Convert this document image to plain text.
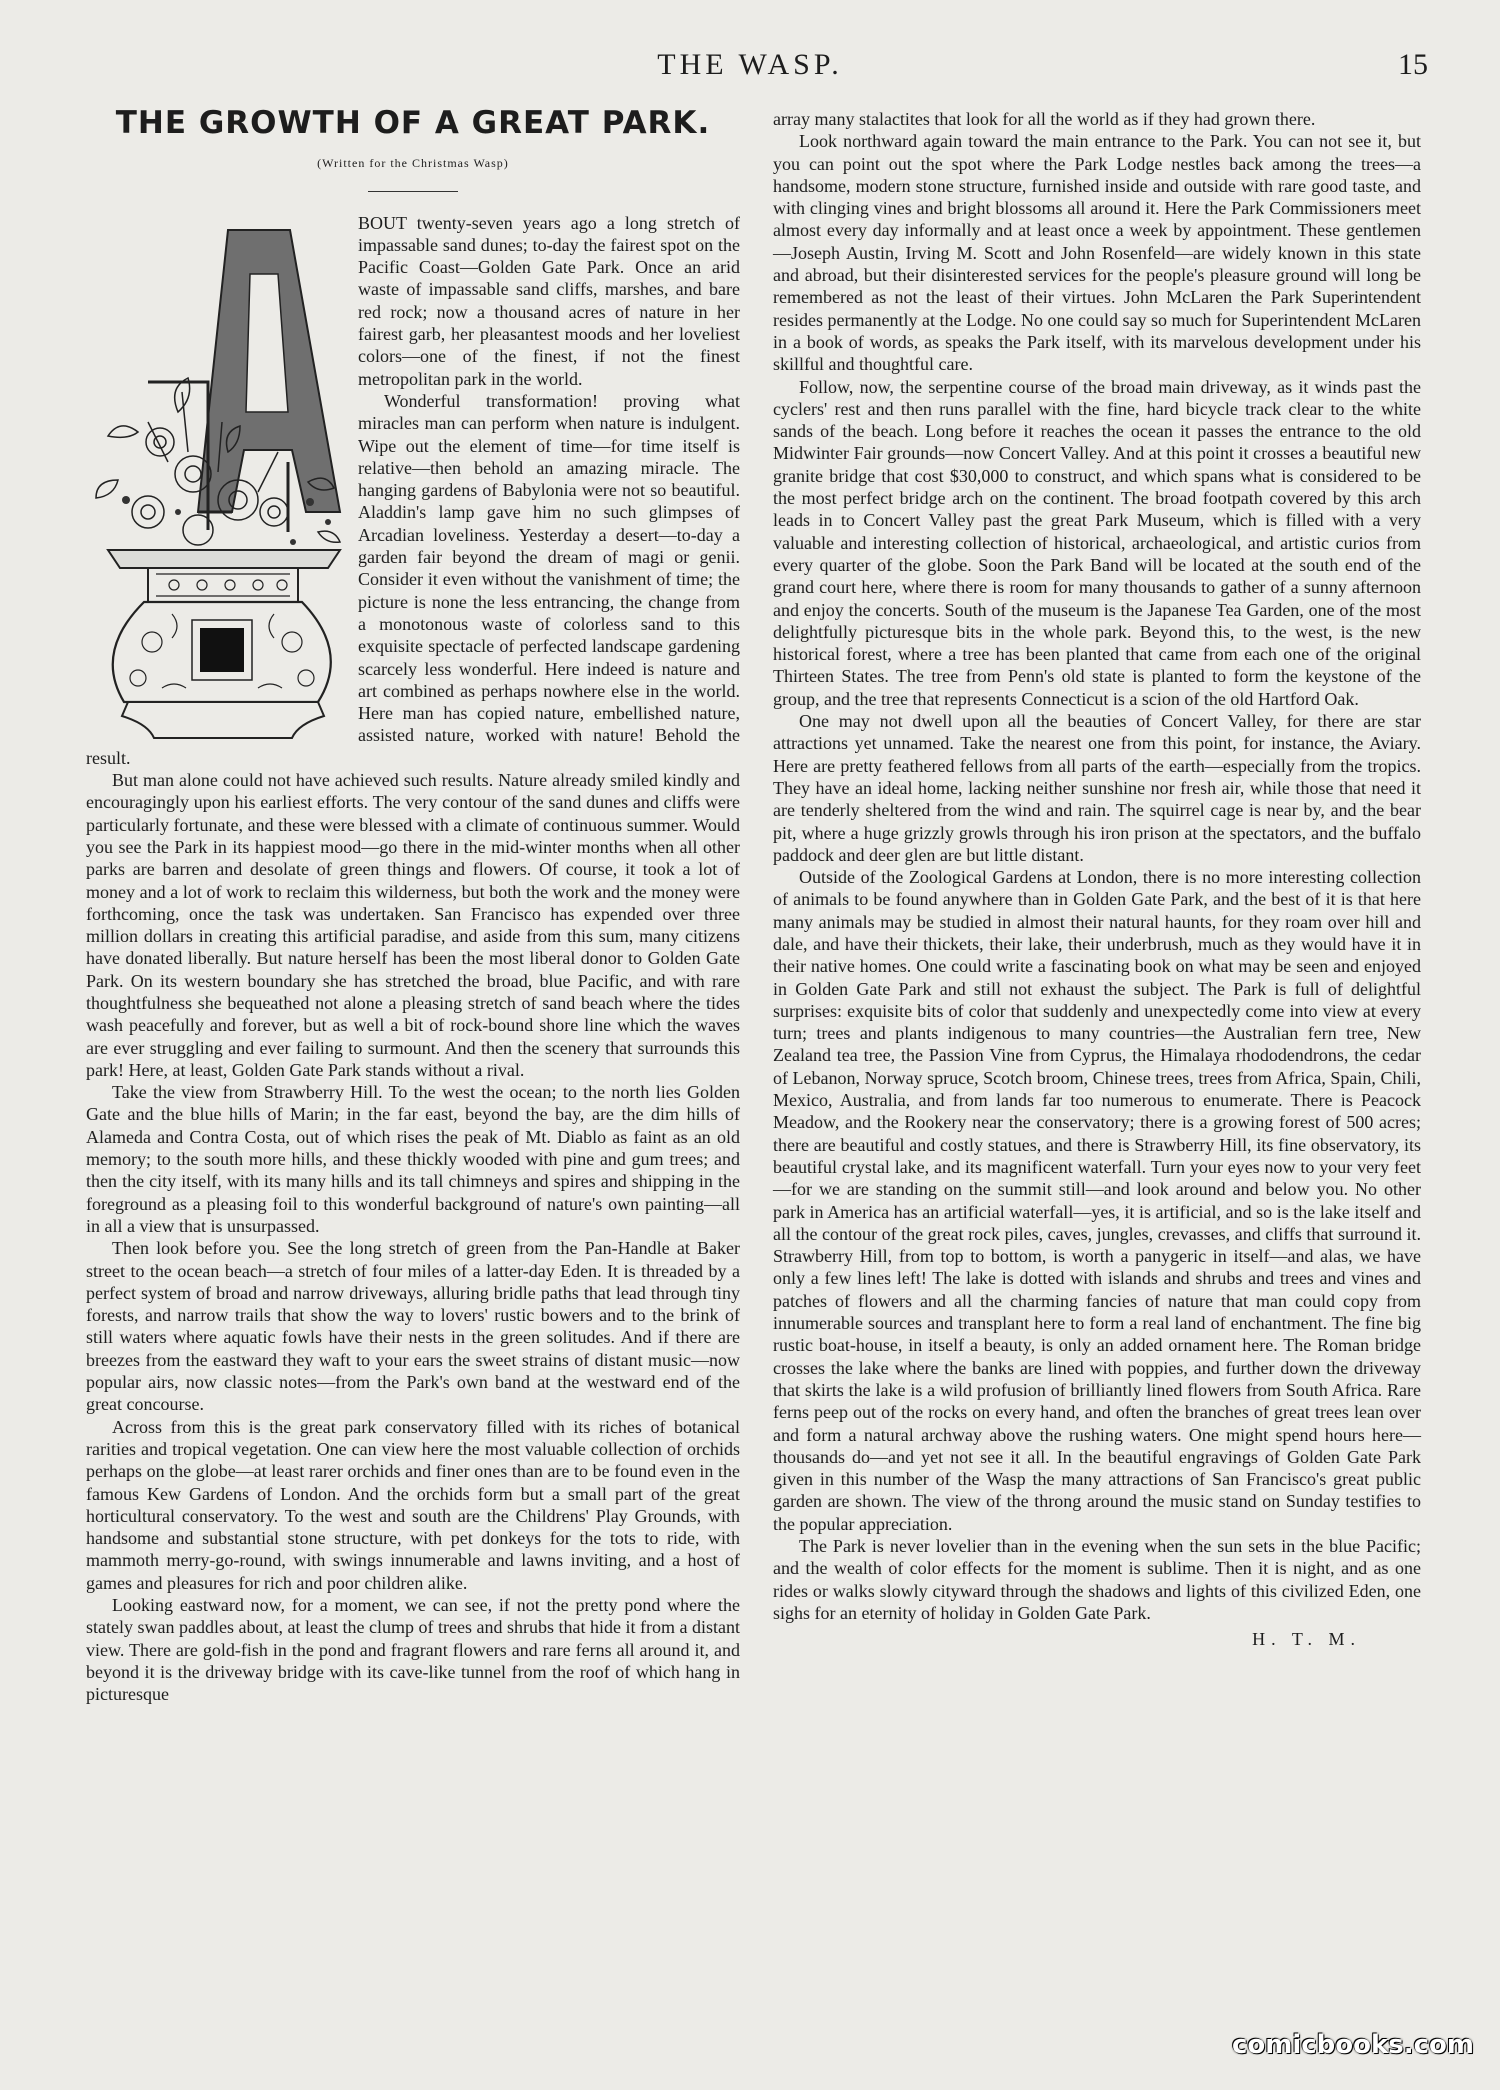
THE WASP.	15
THE GROWTH OF A GREAT PARK.
(Written for the Christmas Wasp)

BOUT twenty-seven years ago a long stretch of impassable sand dunes; to-day the fairest spot on the Pacific Coast—Golden Gate Park. Once an arid waste of impassable sand cliffs, marshes, and bare red rock; now a thousand acres of nature in her fairest garb, her pleasantest moods and her loveliest colors—one of the finest, if not the finest metropolitan park in the world.

Wonderful transformation! proving what miracles man can perform when nature is indulgent. Wipe out the element of time—for time itself is relative—then behold an amazing miracle. The hanging gardens of Babylonia were not so beautiful. Aladdin's lamp gave him no such glimpses of Arcadian loveliness. Yesterday a desert—to-day a garden fair beyond the dream of magi or genii. Consider it even without the vanishment of time; the picture is none the less entrancing, the change from a monotonous waste of colorless sand to this exquisite spectacle of perfected landscape gardening scarcely less wonderful. Here indeed is nature and art combined as perhaps nowhere else in the world. Here man has copied nature, embellished nature, assisted nature, worked with nature! Behold the result.

But man alone could not have achieved such results. Nature already smiled kindly and encouragingly upon his earliest efforts. The very contour of the sand dunes and cliffs were particularly fortunate, and these were blessed with a climate of continuous summer. Would you see the Park in its happiest mood—go there in the mid-winter months when all other parks are barren and desolate of green things and flowers. Of course, it took a lot of money and a lot of work to reclaim this wilderness, but both the work and the money were forthcoming, once the task was undertaken. San Francisco has expended over three million dollars in creating this artificial paradise, and aside from this sum, many citizens have donated liberally. But nature herself has been the most liberal donor to Golden Gate Park. On its western boundary she has stretched the broad, blue Pacific, and with rare thoughtfulness she bequeathed not alone a pleasing stretch of sand beach where the tides wash peacefully and forever, but as well a bit of rock-bound shore line which the waves are ever struggling and ever failing to surmount. And then the scenery that surrounds this park! Here, at least, Golden Gate Park stands without a rival.

Take the view from Strawberry Hill. To the west the ocean; to the north lies Golden Gate and the blue hills of Marin; in the far east, beyond the bay, are the dim hills of Alameda and Contra Costa, out of which rises the peak of Mt. Diablo as faint as an old memory; to the south more hills, and these thickly wooded with pine and gum trees; and then the city itself, with its many hills and its tall chimneys and spires and shipping in the foreground as a pleasing foil to this wonderful background of nature's own painting—all in all a view that is unsurpassed.

Then look before you. See the long stretch of green from the Pan-Handle at Baker street to the ocean beach—a stretch of four miles of a latter-day Eden. It is threaded by a perfect system of broad and narrow driveways, alluring bridle paths that lead through tiny forests, and narrow trails that show the way to lovers' rustic bowers and to the brink of still waters where aquatic fowls have their nests in the green solitudes. And if there are breezes from the eastward they waft to your ears the sweet strains of distant music—now popular airs, now classic notes—from the Park's own band at the westward end of the great concourse.

Across from this is the great park conservatory filled with its riches of botanical rarities and tropical vegetation. One can view here the most valuable collection of orchids perhaps on the globe—at least rarer orchids and finer ones than are to be found even in the famous Kew Gardens of London. And the orchids form but a small part of the great horticultural conservatory. To the west and south are the Childrens' Play Grounds, with handsome and substantial stone structure, with pet donkeys for the tots to ride, with mammoth merry-go-round, with swings innumerable and lawns inviting, and a host of games and pleasures for rich and poor children alike.

Looking eastward now, for a moment, we can see, if not the pretty pond where the stately swan paddles about, at least the clump of trees and shrubs that hide it from a distant view. There are gold-fish in the pond and fragrant flowers and rare ferns all around it, and beyond it is the driveway bridge with its cave-like tunnel from the roof of which hang in picturesque

array many stalactites that look for all the world as if they had grown there.

Look northward again toward the main entrance to the Park. You can not see it, but you can point out the spot where the Park Lodge nestles back among the trees—a handsome, modern stone structure, furnished inside and outside with rare good taste, and with clinging vines and bright blossoms all around it. Here the Park Commissioners meet almost every day informally and at least once a week by appointment. These gentlemen—Joseph Austin, Irving M. Scott and John Rosenfeld—are widely known in this state and abroad, but their disinterested services for the people's pleasure ground will long be remembered as not the least of their virtues. John McLaren the Park Superintendent resides permanently at the Lodge. No one could say so much for Superintendent McLaren in a book of words, as speaks the Park itself, with its marvelous development under his skillful and thoughtful care.

Follow, now, the serpentine course of the broad main driveway, as it winds past the cyclers' rest and then runs parallel with the fine, hard bicycle track clear to the white sands of the beach. Long before it reaches the ocean it passes the entrance to the old Midwinter Fair grounds—now Concert Valley. And at this point it crosses a beautiful new granite bridge that cost $30,000 to construct, and which spans what is considered to be the most perfect bridge arch on the continent. The broad footpath covered by this arch leads in to Concert Valley past the great Park Museum, which is filled with a very valuable and interesting collection of historical, archaeological, and artistic curios from every quarter of the globe. Soon the Park Band will be located at the south end of the grand court here, where there is room for many thousands to gather of a sunny afternoon and enjoy the concerts. South of the museum is the Japanese Tea Garden, one of the most delightfully picturesque bits in the whole park. Beyond this, to the west, is the new historical forest, where a tree has been planted that came from each one of the original Thirteen States. The tree from Penn's old state is planted to form the keystone of the group, and the tree that represents Connecticut is a scion of the old Hartford Oak.

One may not dwell upon all the beauties of Concert Valley, for there are star attractions yet unnamed. Take the nearest one from this point, for instance, the Aviary. Here are pretty feathered fellows from all parts of the earth—especially from the tropics. They have an ideal home, lacking neither sunshine nor fresh air, while those that need it are tenderly sheltered from the wind and rain. The squirrel cage is near by, and the bear pit, where a huge grizzly growls through his iron prison at the spectators, and the buffalo paddock and deer glen are but little distant.

Outside of the Zoological Gardens at London, there is no more interesting collection of animals to be found anywhere than in Golden Gate Park, and the best of it is that here many animals may be studied in almost their natural haunts, for they roam over hill and dale, and have their thickets, their lake, their underbrush, much as they would have it in their native homes. One could write a fascinating book on what may be seen and enjoyed in Golden Gate Park and still not exhaust the subject. The Park is full of delightful surprises: exquisite bits of color that suddenly and unexpectedly come into view at every turn; trees and plants indigenous to many countries—the Australian fern tree, New Zealand tea tree, the Passion Vine from Cyprus, the Himalaya rhododendrons, the cedar of Lebanon, Norway spruce, Scotch broom, Chinese trees, trees from Africa, Spain, Chili, Mexico, Australia, and from lands far too numerous to enumerate. There is Peacock Meadow, and the Rookery near the conservatory; there is a growing forest of 500 acres; there are beautiful and costly statues, and there is Strawberry Hill, its fine observatory, its beautiful crystal lake, and its magnificent waterfall. Turn your eyes now to your very feet—for we are standing on the summit still—and look around and below you. No other park in America has an artificial waterfall—yes, it is artificial, and so is the lake itself and all the contour of the great rock piles, caves, jungles, crevasses, and cliffs that surround it. Strawberry Hill, from top to bottom, is worth a panygeric in itself—and alas, we have only a few lines left! The lake is dotted with islands and shrubs and trees and vines and patches of flowers and all the charming fancies of nature that man could copy from innumerable sources and transplant here to form a real land of enchantment. The fine big rustic boat-house, in itself a beauty, is only an added ornament here. The Roman bridge crosses the lake where the banks are lined with poppies, and further down the driveway that skirts the lake is a wild profusion of brilliantly lined flowers from South Africa. Rare ferns peep out of the rocks on every hand, and often the branches of great trees lean over and form a natural archway above the rushing waters. One might spend hours here—thousands do—and yet not see it all. In the beautiful engravings of Golden Gate Park given in this number of the Wasp the many attractions of San Francisco's great public garden are shown. The view of the throng around the music stand on Sunday testifies to the popular appreciation.

The Park is never lovelier than in the evening when the sun sets in the blue Pacific; and the wealth of color effects for the moment is sublime. Then it is night, and as one rides or walks slowly cityward through the shadows and lights of this civilized Eden, one sighs for an eternity of holiday in Golden Gate Park.

H. T. M.
comicbooks.com
